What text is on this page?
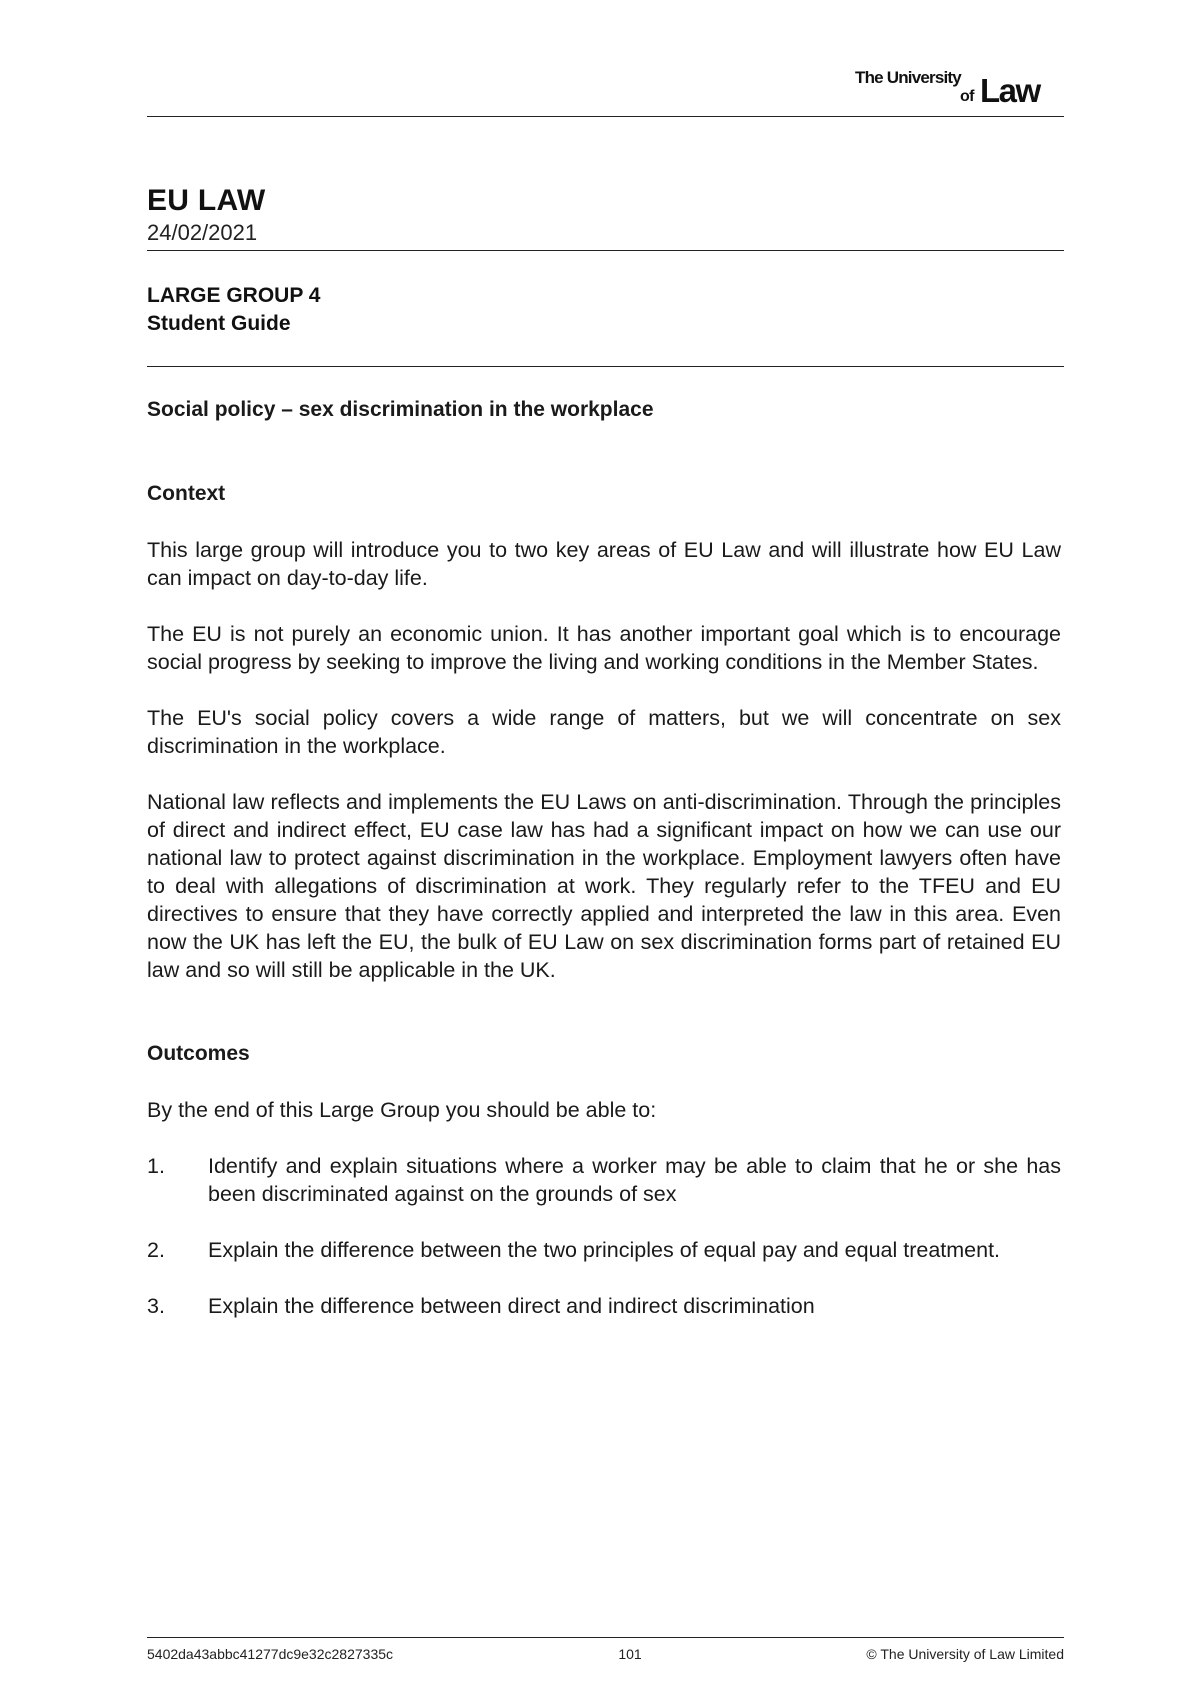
The University
of Law
EU LAW
24/02/2021
LARGE GROUP 4
Student Guide

Social policy – sex discrimination in the workplace

Context

This large group will introduce you to two key areas of EU Law and will illustrate how EU Law can impact on day-to-day life.

The EU is not purely an economic union. It has another important goal which is to encourage social progress by seeking to improve the living and working conditions in the Member States.

The EU's social policy covers a wide range of matters, but we will concentrate on sex discrimination in the workplace.

National law reflects and implements the EU Laws on anti-discrimination. Through the principles of direct and indirect effect, EU case law has had a significant impact on how we can use our national law to protect against discrimination in the workplace. Employment lawyers often have to deal with allegations of discrimination at work. They regularly refer to the TFEU and EU directives to ensure that they have correctly applied and interpreted the law in this area. Even now the UK has left the EU, the bulk of EU Law on sex discrimination forms part of retained EU law and so will still be applicable in the UK.

Outcomes

By the end of this Large Group you should be able to:

1.	Identify and explain situations where a worker may be able to claim that he or she has been discriminated against on the grounds of sex
2.	Explain the difference between the two principles of equal pay and equal treatment.
3.	Explain the difference between direct and indirect discrimination
5402da43abbc41277dc9e32c2827335c	101	© The University of Law Limited
